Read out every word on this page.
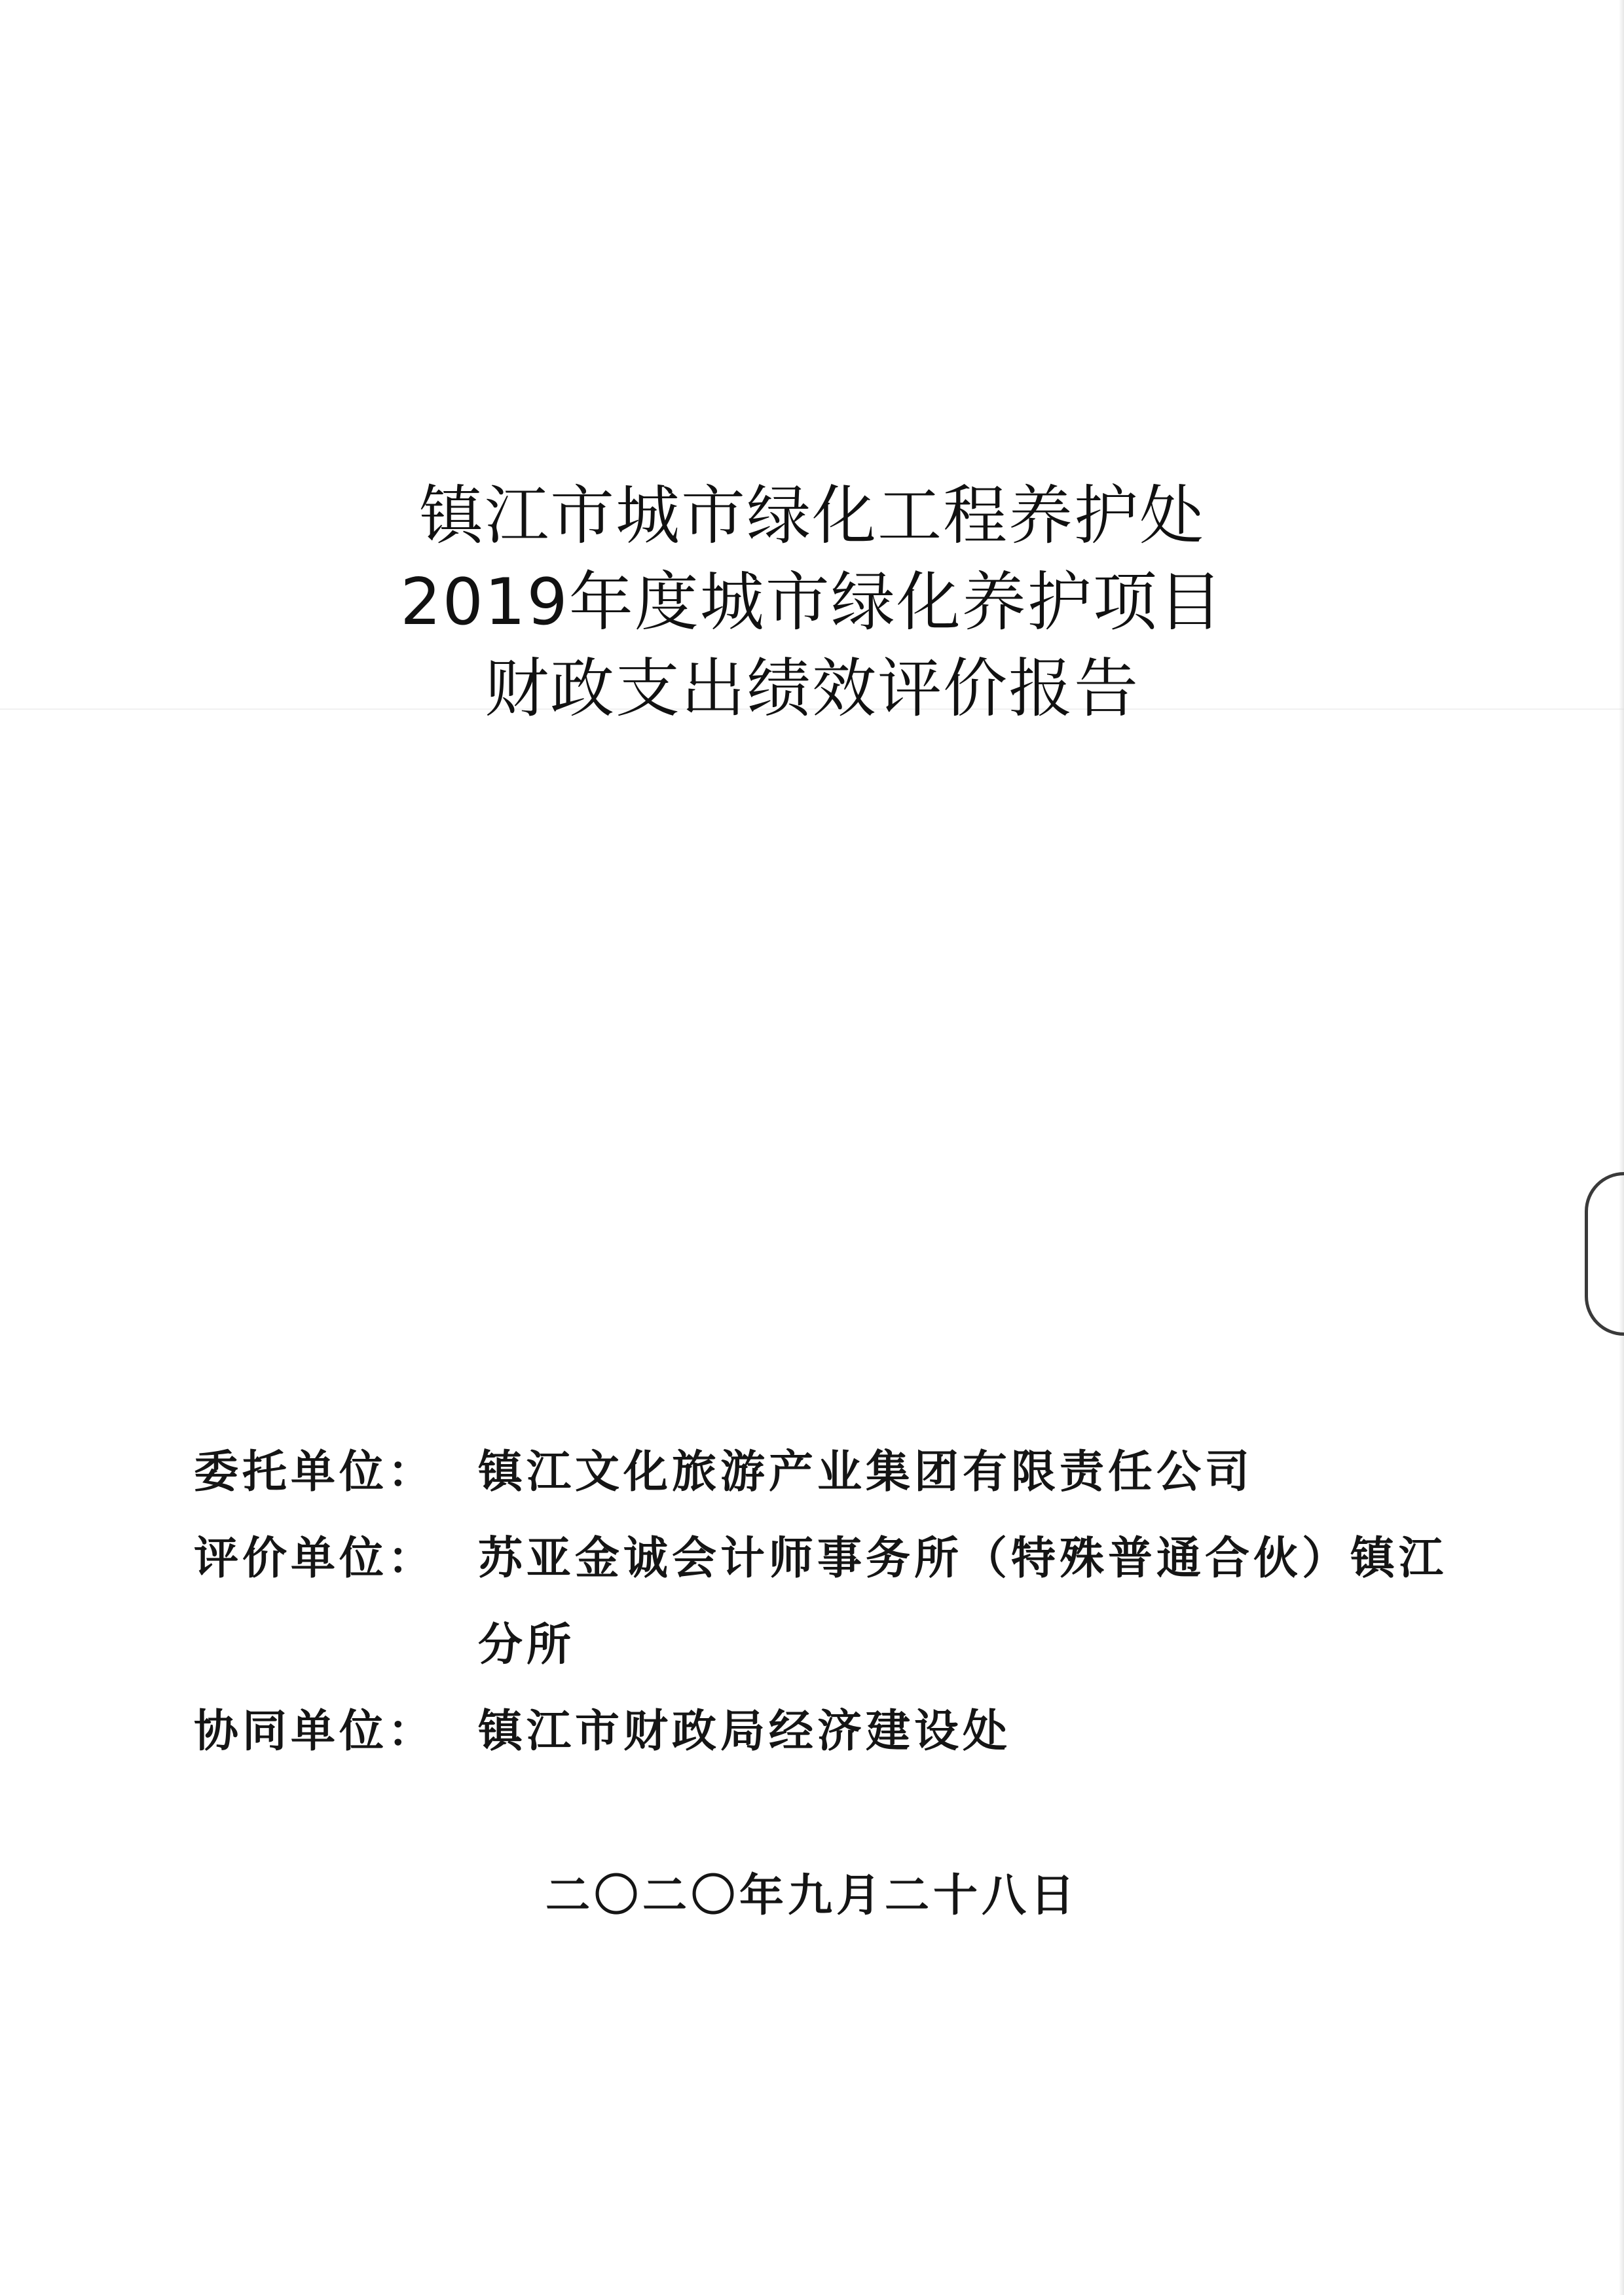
镇江市城市绿化工程养护处
2019年度城市绿化养护项目
财政支出绩效评价报告
委托单位： 镇江文化旅游产业集团有限责任公司
评价单位： 苏亚金诚会计师事务所（特殊普通合伙）镇江
分所
协同单位： 镇江市财政局经济建设处
二〇二〇年九月二十八日
